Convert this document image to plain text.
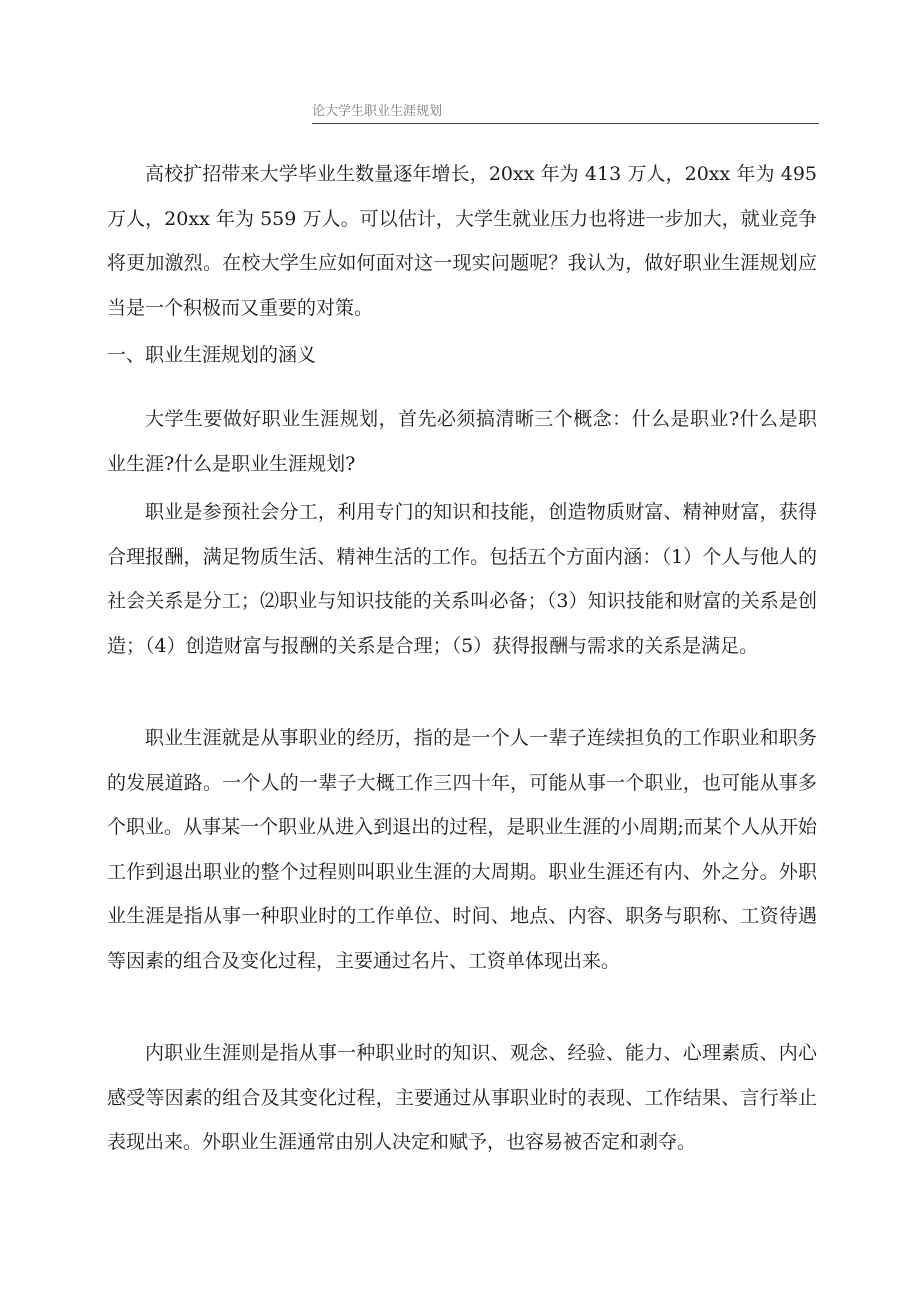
论大学生职业生涯规划

高校扩招带来大学毕业生数量逐年增长，20xx 年为 413 万人，20xx 年为 495 万人，20xx 年为 559 万人。可以估计，大学生就业压力也将进一步加大，就业竞争将更加激烈。在校大学生应如何面对这一现实问题呢？我认为，做好职业生涯规划应当是一个积极而又重要的对策。

一、职业生涯规划的涵义

大学生要做好职业生涯规划，首先必须搞清晰三个概念：什么是职业?什么是职业生涯?什么是职业生涯规划?

职业是参预社会分工，利用专门的知识和技能，创造物质财富、精神财富，获得合理报酬，满足物质生活、精神生活的工作。包括五个方面内涵：（1）个人与他人的社会关系是分工；⑵职业与知识技能的关系叫必备；（3）知识技能和财富的关系是创造；（4）创造财富与报酬的关系是合理；（5）获得报酬与需求的关系是满足。

职业生涯就是从事职业的经历，指的是一个人一辈子连续担负的工作职业和职务的发展道路。一个人的一辈子大概工作三四十年，可能从事一个职业，也可能从事多个职业。从事某一个职业从进入到退出的过程，是职业生涯的小周期;而某个人从开始工作到退出职业的整个过程则叫职业生涯的大周期。职业生涯还有内、外之分。外职业生涯是指从事一种职业时的工作单位、时间、地点、内容、职务与职称、工资待遇等因素的组合及变化过程，主要通过名片、工资单体现出来。

内职业生涯则是指从事一种职业时的知识、观念、经验、能力、心理素质、内心感受等因素的组合及其变化过程，主要通过从事职业时的表现、工作结果、言行举止表现出来。外职业生涯通常由别人决定和赋予，也容易被否定和剥夺。
